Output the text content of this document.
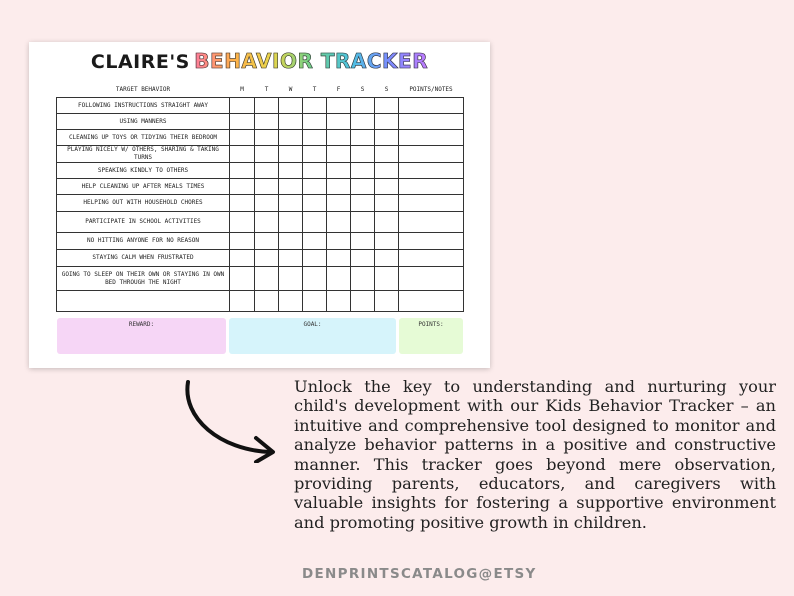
CLAIRE'S BEHAVIOR TRACKER
TARGET BEHAVIOR	M	T	W	T	F	S	S	POINTS/NOTES
FOLLOWING INSTRUCTIONS STRAIGHT AWAY								
USING MANNERS								
CLEANING UP TOYS OR TIDYING THEIR BEDROOM								
PLAYING NICELY W/ OTHERS, SHARING & TAKING TURNS								
SPEAKING KINDLY TO OTHERS								
HELP CLEANING UP AFTER MEALS TIMES								
HELPING OUT WITH HOUSEHOLD CHORES								
PARTICIPATE IN SCHOOL ACTIVITIES								
NO HITTING ANYONE FOR NO REASON								
STAYING CALM WHEN FRUSTRATED								
GOING TO SLEEP ON THEIR OWN OR STAYING IN OWN BED THROUGH THE NIGHT								

REWARD:	GOAL:	POINTS:
Unlock the key to understanding and nurturing your child's development with our Kids Behavior Tracker – an intuitive and comprehensive tool designed to monitor and analyze behavior patterns in a positive and constructive manner. This tracker goes beyond mere observation, providing parents, educators, and caregivers with valuable insights for fostering a supportive environment and promoting positive growth in children.
DENPRINTSCATALOG@ETSY
